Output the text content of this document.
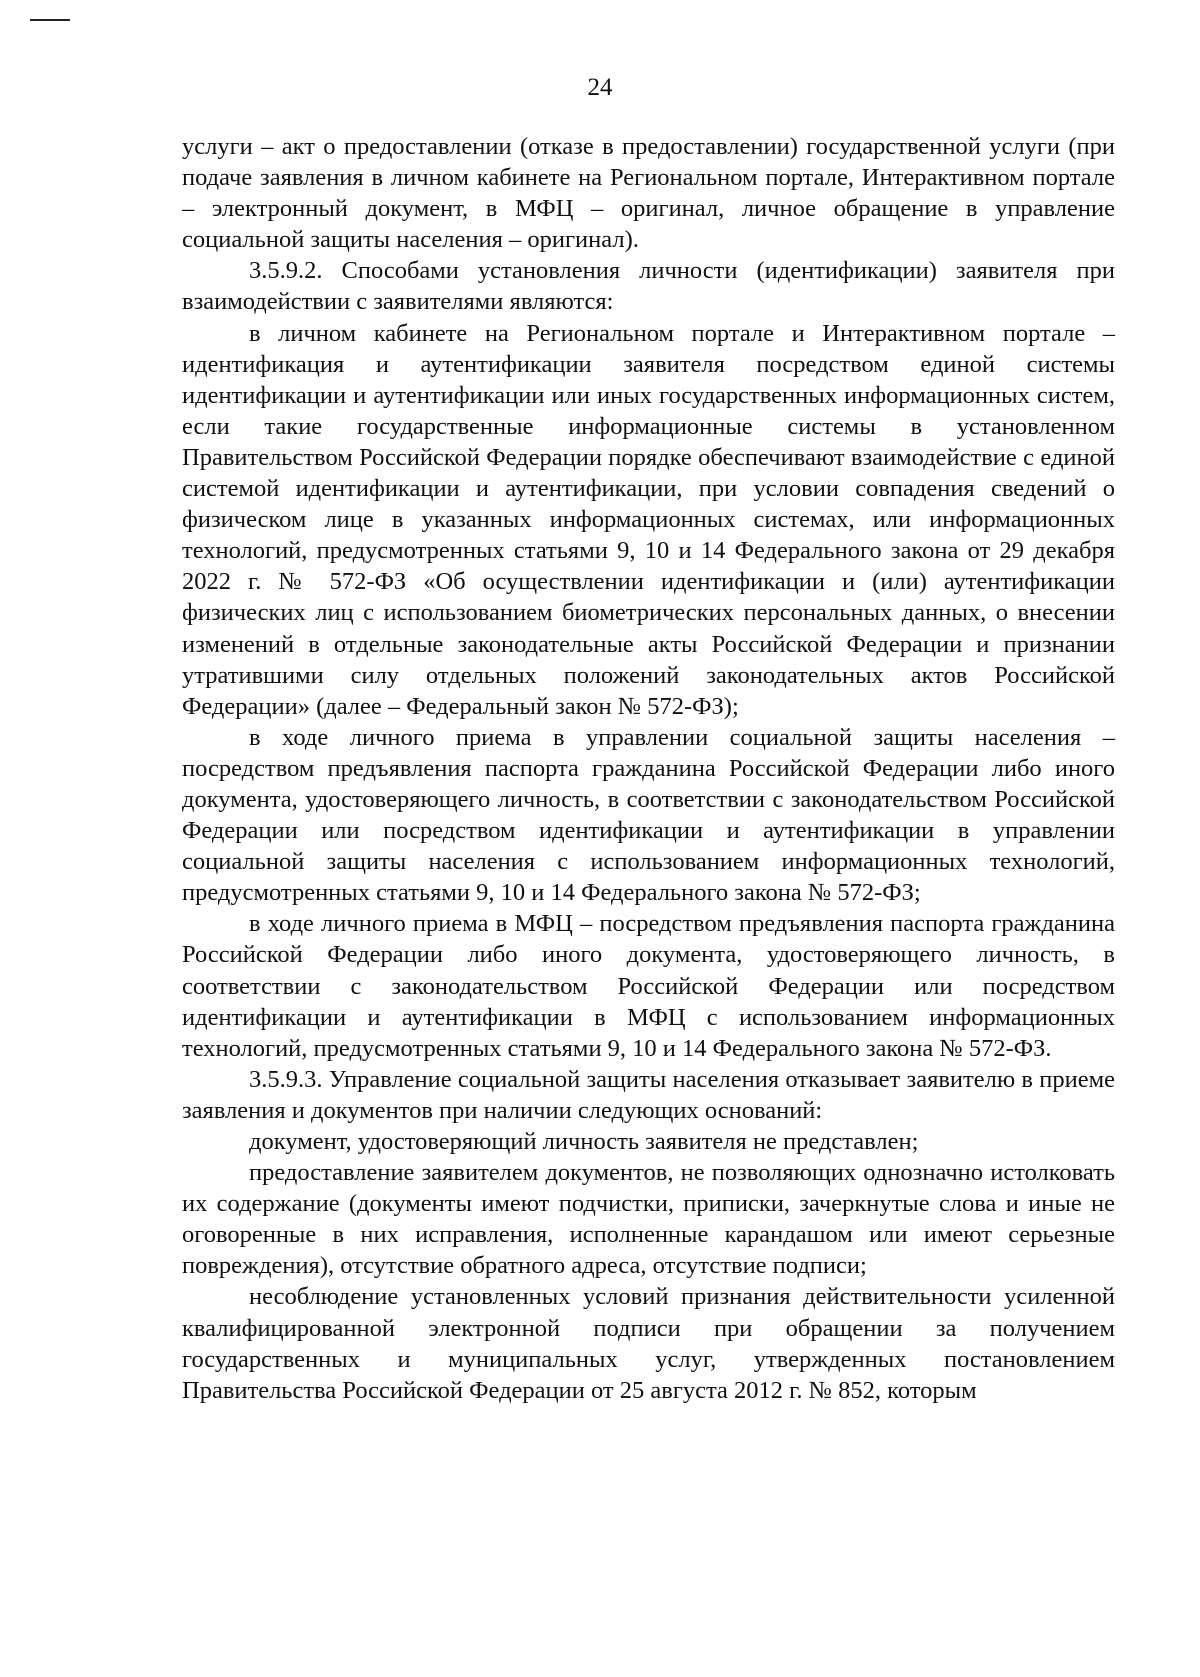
24

услуги – акт о предоставлении (отказе в предоставлении) государственной услуги (при подаче заявления в личном кабинете на Региональном портале, Интерактивном портале – электронный документ, в МФЦ – оригинал, личное обращение в управление социальной защиты населения – оригинал).

3.5.9.2. Способами установления личности (идентификации) заявителя при взаимодействии с заявителями являются:

в личном кабинете на Региональном портале и Интерактивном портале – идентификация и аутентификации заявителя посредством единой системы идентификации и аутентификации или иных государственных информационных систем, если такие государственные информационные системы в установленном Правительством Российской Федерации порядке обеспечивают взаимодействие с единой системой идентификации и аутентификации, при условии совпадения сведений о физическом лице в указанных информационных системах, или информационных технологий, предусмотренных статьями 9, 10 и 14 Федерального закона от 29 декабря 2022 г. № 572-ФЗ «Об осуществлении идентификации и (или) аутентификации физических лиц с использованием биометрических персональных данных, о внесении изменений в отдельные законодательные акты Российской Федерации и признании утратившими силу отдельных положений законодательных актов Российской Федерации» (далее – Федеральный закон № 572-ФЗ);

в ходе личного приема в управлении социальной защиты населения – посредством предъявления паспорта гражданина Российской Федерации либо иного документа, удостоверяющего личность, в соответствии с законодательством Российской Федерации или посредством идентификации и аутентификации в управлении социальной защиты населения с использованием информационных технологий, предусмотренных статьями 9, 10 и 14 Федерального закона № 572-ФЗ;

в ходе личного приема в МФЦ – посредством предъявления паспорта гражданина Российской Федерации либо иного документа, удостоверяющего личность, в соответствии с законодательством Российской Федерации или посредством идентификации и аутентификации в МФЦ с использованием информационных технологий, предусмотренных статьями 9, 10 и 14 Федерального закона № 572-ФЗ.

3.5.9.3. Управление социальной защиты населения отказывает заявителю в приеме заявления и документов при наличии следующих оснований:

документ, удостоверяющий личность заявителя не представлен;

предоставление заявителем документов, не позволяющих однозначно истолковать их содержание (документы имеют подчистки, приписки, зачеркнутые слова и иные не оговоренные в них исправления, исполненные карандашом или имеют серьезные повреждения), отсутствие обратного адреса, отсутствие подписи;

несоблюдение установленных условий признания действительности усиленной квалифицированной электронной подписи при обращении за получением государственных и муниципальных услуг, утвержденных постановлением Правительства Российской Федерации от 25 августа 2012 г. № 852, которым
